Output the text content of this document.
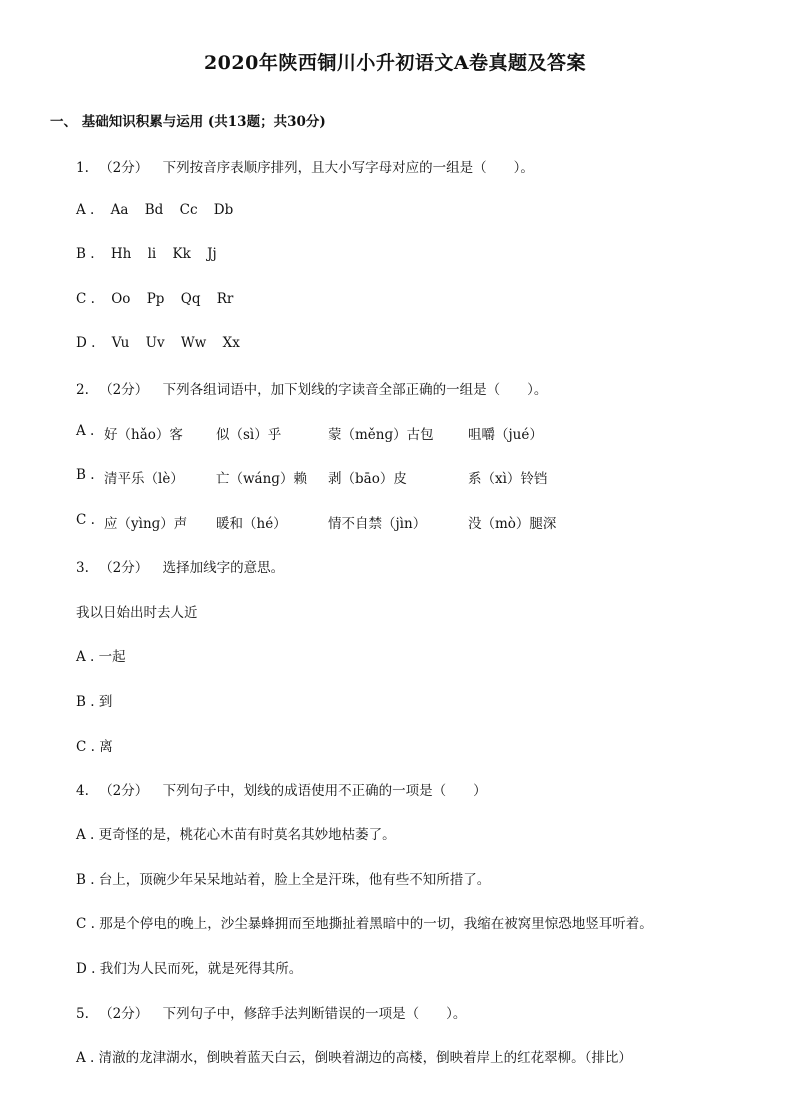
2020年陕西铜川小升初语文A卷真题及答案
一、 基础知识积累与运用 (共13题；共30分)
1. （2分） 下列按音序表顺序排列，且大小写字母对应的一组是（　　）。
A . Aa Bd Cc Db
B . Hh li Kk Jj
C . Oo Pp Qq Rr
D . Vu Uv Ww Xx
2. （2分） 下列各组词语中，加下划线的字读音全部正确的一组是（　　）。
A . 好（hǎo）客 似（sì）乎	蒙（měnɡ）古包	咀嚼（jué）
B . 清平乐（lè） 亡（wánɡ）赖 剥（bāo）皮	系（xì）铃铛
C . 应（yìnɡ）声 暖和（hé）	情不自禁（jìn）	没（mò）腿深
3. （2分） 选择加线字的意思。
我以日始出时去人近
A . 一起
B . 到
C . 离
4. （2分） 下列句子中，划线的成语使用不正确的一项是（　　）
A . 更奇怪的是，桃花心木苗有时莫名其妙地枯萎了。
B . 台上，顶碗少年呆呆地站着，脸上全是汗珠，他有些不知所措了。
C . 那是个停电的晚上，沙尘暴蜂拥而至地撕扯着黑暗中的一切，我缩在被窝里惊恐地竖耳听着。
D . 我们为人民而死，就是死得其所。
5. （2分） 下列句子中，修辞手法判断错误的一项是（　　）。
A . 清澈的龙津湖水，倒映着蓝天白云，倒映着湖边的高楼，倒映着岸上的红花翠柳。（排比）
